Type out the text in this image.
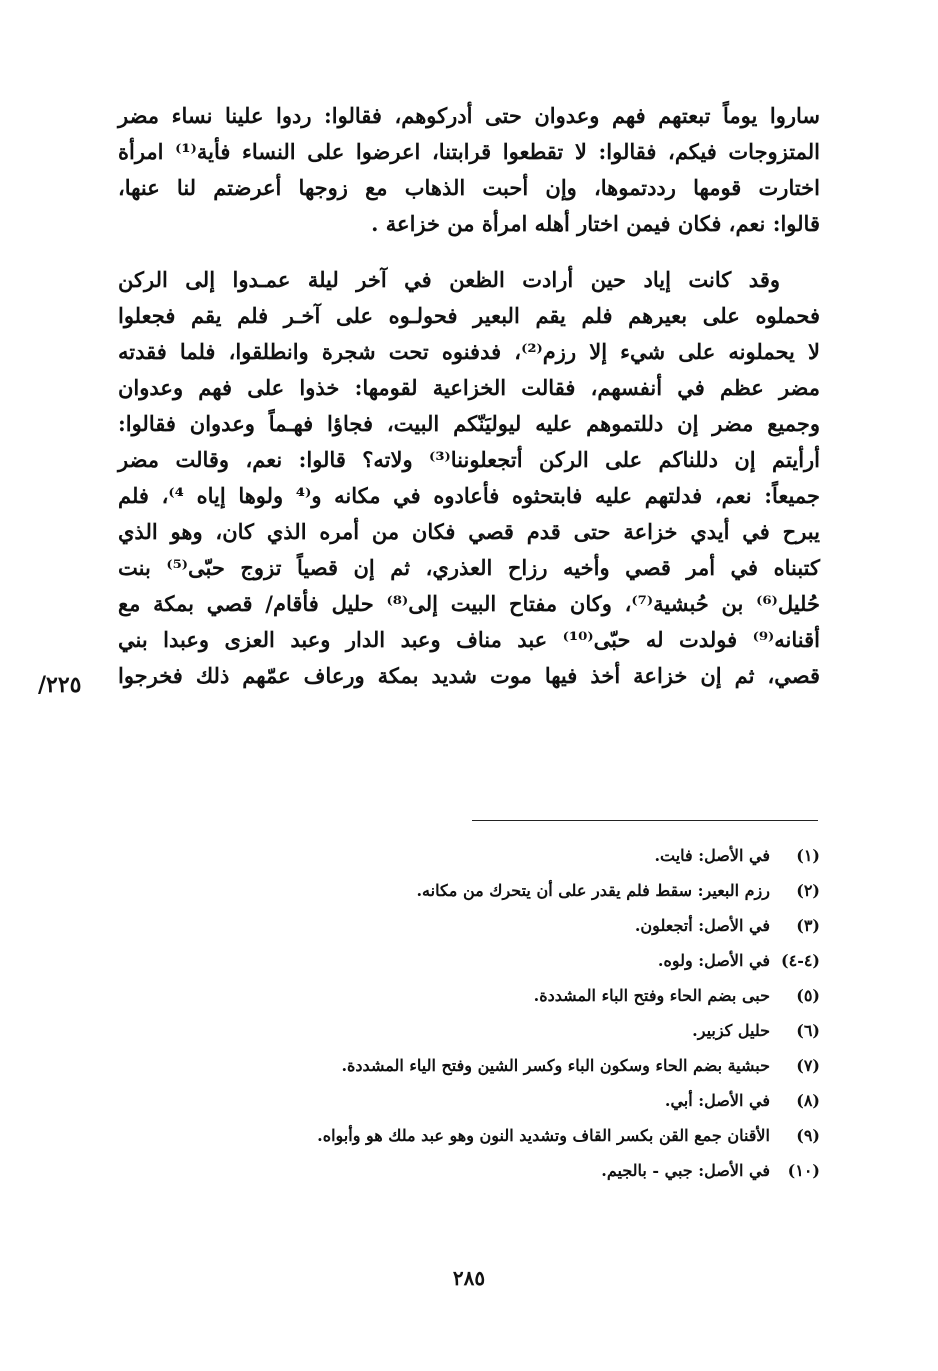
ساروا يوماً تبعتهم فهم وعدوان حتى أدركوهم، فقالوا: ردوا علينا نساء مضر

المتزوجات فيكم، فقالوا: لا تقطعوا قرابتنا، اعرضوا على النساء فأية⁽¹⁾ امرأة

اختارت قومها رددتموها، وإن أحبت الذهاب مع زوجها أعرضتم لنا عنها،

قالوا: نعم، فكان فيمن اختار أهله امرأة من خزاعة .

وقد كانت إياد حين أرادت الظعن في آخر ليلة عمـدوا إلى الركن

فحملوه على بعيرهم فلم يقم البعير فحولـوه على آخـر فلم يقم فجعلوا

لا يحملونه على شيء إلا رزم⁽²⁾، فدفنوه تحت شجرة وانطلقوا، فلما فقدته

مضر عظم في أنفسهم، فقالت الخزاعية لقومها: خذوا على فهم وعدوان

وجميع مضر إن دللتموهم عليه ليوليَنّكم البيت، فجاؤا فهـماً وعدوان فقالوا:

أرأيتم إن دللناكم على الركن أتجعلوننا⁽³⁾ ولاته؟ قالوا: نعم، وقالت مضر

جميعاً: نعم، فدلتهم عليه فابتحثوه فأعادوه في مكانه و⁽⁴ ولوها إياه ⁴⁾، فلم

يبرح في أيدي خزاعة حتى قدم قصي فكان من أمره الذي كان، وهو الذي

كتبناه في أمر قصي وأخيه رزاح العذري، ثم إن قصياً تزوج حبّى⁽⁵⁾ بنت

حُليل⁽⁶⁾ بن حُبشية⁽⁷⁾، وكان مفتاح البيت إلى⁽⁸⁾ حليل فأقام/ قصي بمكة مع

أقنانه⁽⁹⁾ فولدت له حبّى⁽¹⁰⁾ عبد مناف وعبد الدار وعبد العزى وعبدا بني

قصي، ثم إن خزاعة أخذ فيها موت شديد بمكة ورعاف عمّهم ذلك فخرجوا

٢٢٥/
(١)
في الأصل: فايت.
(٢)
رزم البعير: سقط فلم يقدر على أن يتحرك من مكانه.
(٣)
في الأصل: أتجعلون.
(٤-٤)
في الأصل: ولوه.
(٥)
حبى بضم الحاء وفتح الباء المشددة.
(٦)
حليل كزبير.
(٧)
حبشية بضم الحاء وسكون الباء وكسر الشين وفتح الياء المشددة.
(٨)
في الأصل: أبي.
(٩)
الأقنان جمع القن بكسر القاف وتشديد النون وهو عبد ملك هو وأبواه.
(١٠)
في الأصل: جبي - بالجيم.
٢٨٥
